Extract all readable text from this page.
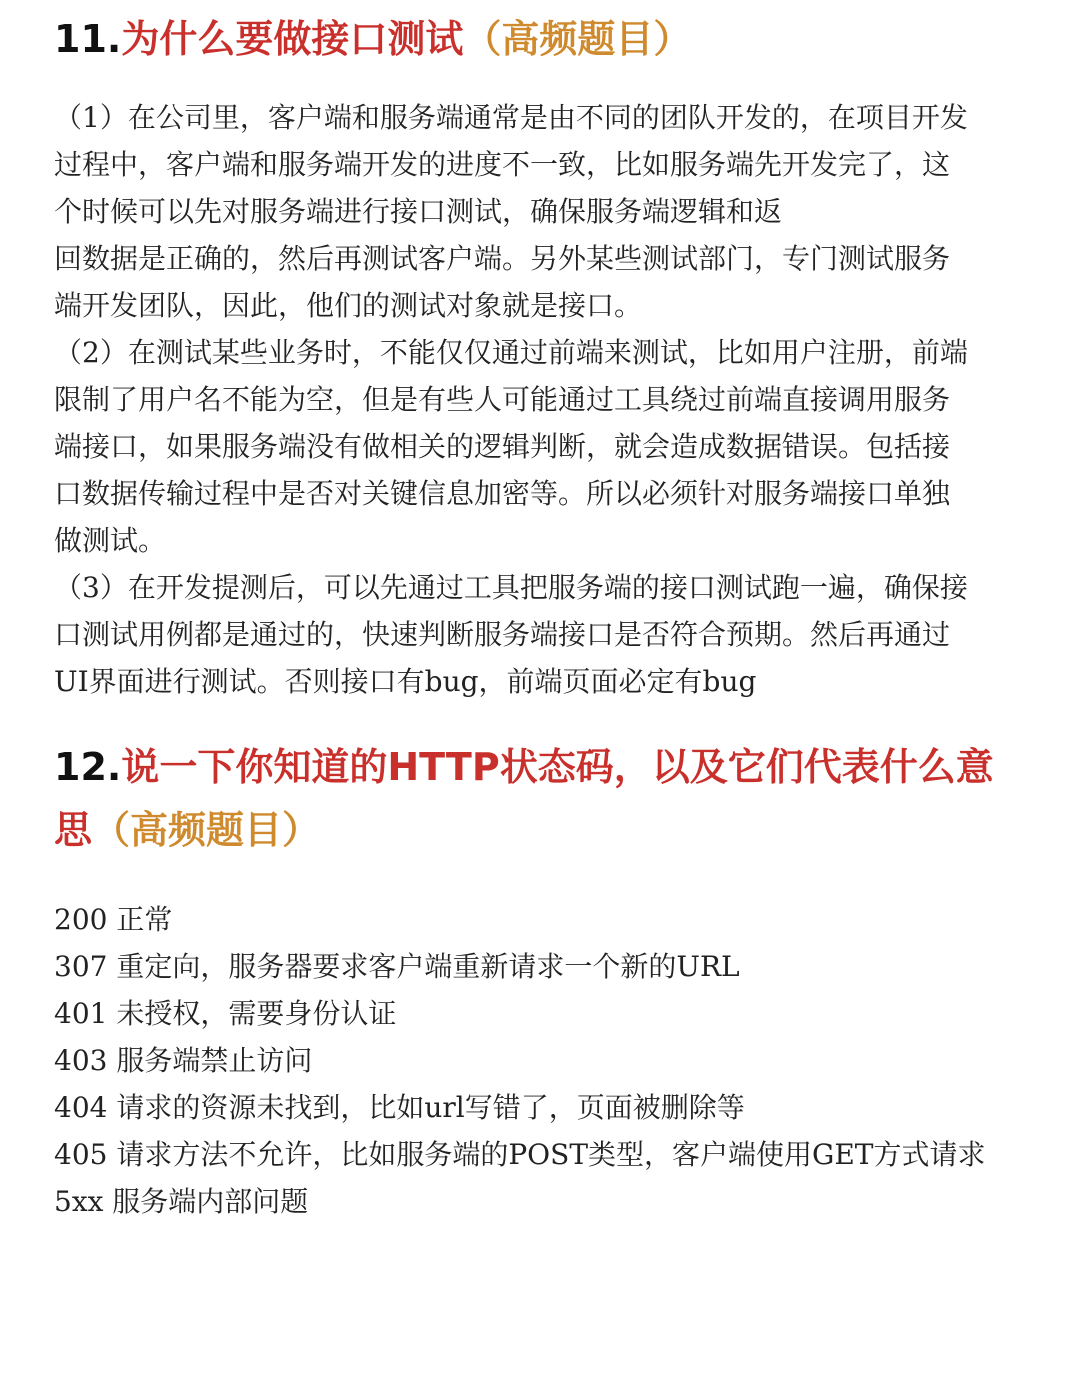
11.为什么要做接口测试（高频题目）
（1）在公司里，客户端和服务端通常是由不同的团队开发的，在项目开发
过程中，客户端和服务端开发的进度不一致，比如服务端先开发完了，这
个时候可以先对服务端进行接口测试，确保服务端逻辑和返
回数据是正确的，然后再测试客户端。另外某些测试部门，专门测试服务
端开发团队，因此，他们的测试对象就是接口。
（2）在测试某些业务时，不能仅仅通过前端来测试，比如用户注册，前端
限制了用户名不能为空，但是有些人可能通过工具绕过前端直接调用服务
端接口，如果服务端没有做相关的逻辑判断，就会造成数据错误。包括接
口数据传输过程中是否对关键信息加密等。所以必须针对服务端接口单独
做测试。
（3）在开发提测后，可以先通过工具把服务端的接口测试跑一遍，确保接
口测试用例都是通过的，快速判断服务端接口是否符合预期。然后再通过
UI界面进行测试。否则接口有bug，前端页面必定有bug
12.说一下你知道的HTTP状态码，以及它们代表什么意
思（高频题目）
200 正常
307 重定向，服务器要求客户端重新请求一个新的URL
401 未授权，需要身份认证
403 服务端禁止访问
404 请求的资源未找到，比如url写错了，页面被删除等
405 请求方法不允许，比如服务端的POST类型，客户端使用GET方式请求
5xx 服务端内部问题
